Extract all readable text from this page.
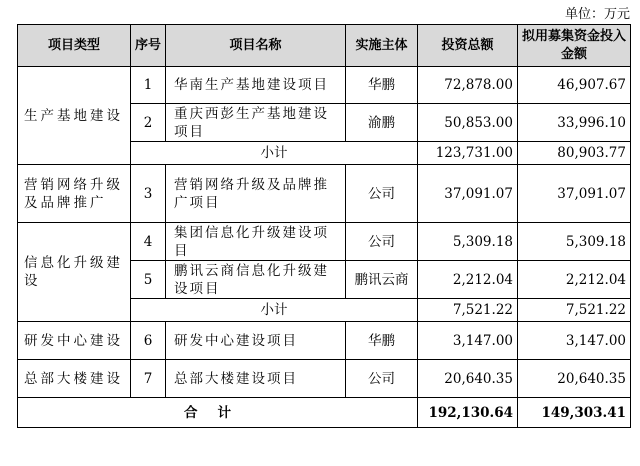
单位：万元
项目类型	序号	项目名称	实施主体	投资总额	拟用募集资金投入金额
生产基地建设	1	华南生产基地建设项目	华鹏	72,878.00	46,907.67
	2	重庆西彭生产基地建设项目	渝鹏	50,853.00	33,996.10
	小计			123,731.00	80,903.77
营销网络升级及品牌推广	3	营销网络升级及品牌推广项目	公司	37,091.07	37,091.07
信息化升级建设	4	集团信息化升级建设项目	公司	5,309.18	5,309.18
	5	鹏讯云商信息化升级建设项目	鹏讯云商	2,212.04	2,212.04
	小计			7,521.22	7,521.22
研发中心建设	6	研发中心建设项目	华鹏	3,147.00	3,147.00
总部大楼建设	7	总部大楼建设项目	公司	20,640.35	20,640.35
合计				192,130.64	149,303.41
